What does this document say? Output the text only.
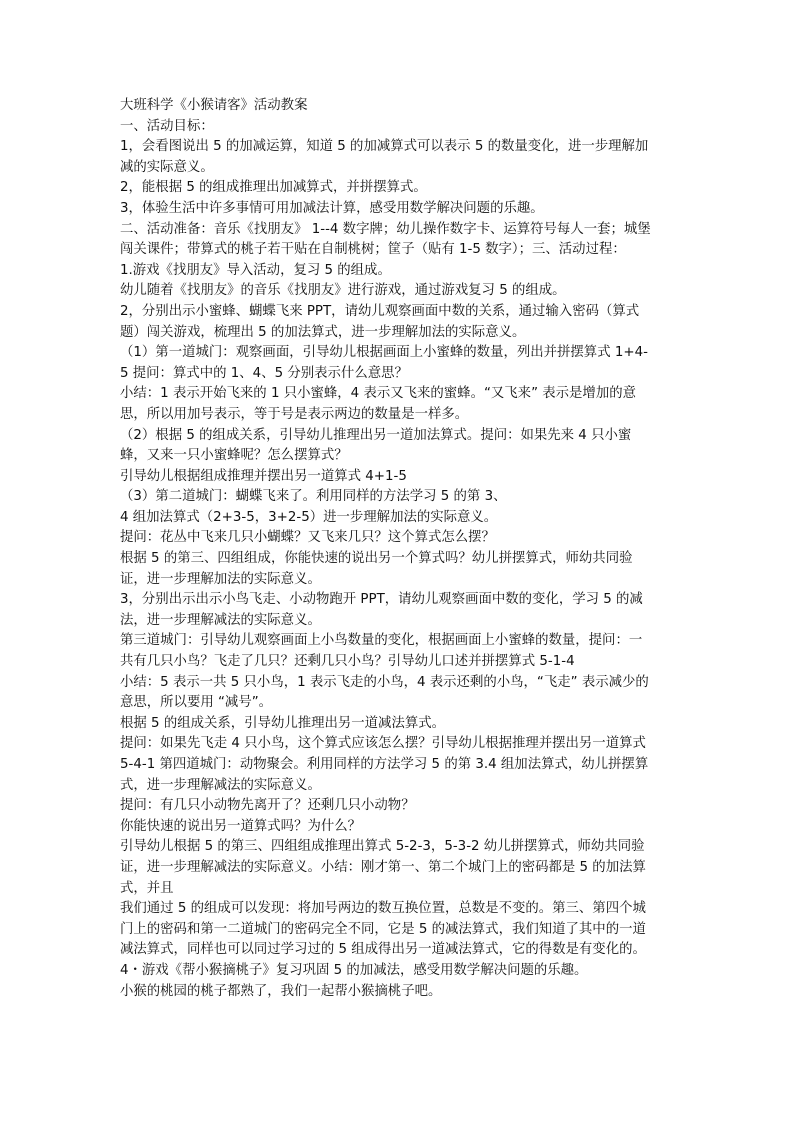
大班科学《小猴请客》活动教案
一、活动目标：
1，会看图说出 5 的加减运算，知道 5 的加减算式可以表示 5 的数量变化，进一步理解加
减的实际意义。
2，能根据 5 的组成推理出加减算式，并拼摆算式。
3，体验生活中许多事情可用加减法计算，感受用数学解决问题的乐趣。
二、活动准备：音乐《找朋友》 1--4 数字牌；幼儿操作数字卡、运算符号每人一套；城堡
闯关课件；带算式的桃子若干贴在自制桃树；筐子（贴有 1-5 数字）；三、活动过程：
1.游戏《找朋友》导入活动，复习 5 的组成。
幼儿随着《找朋友》的音乐《找朋友》进行游戏，通过游戏复习 5 的组成。
2，分别出示小蜜蜂、蝴蝶飞来 PPT，请幼儿观察画面中数的关系，通过输入密码（算式
题）闯关游戏，梳理出 5 的加法算式，进一步理解加法的实际意义。
（1）第一道城门：观察画面，引导幼儿根据画面上小蜜蜂的数量，列出并拼摆算式 1+4-
5 提问：算式中的 1、4、5 分别表示什么意思？
小结：1 表示开始飞来的 1 只小蜜蜂，4 表示又飞来的蜜蜂。“又飞来” 表示是增加的意
思，所以用加号表示，等于号是表示两边的数量是一样多。
（2）根据 5 的组成关系，引导幼儿推理出另一道加法算式。提问：如果先来 4 只小蜜
蜂，又来一只小蜜蜂呢？怎么摆算式？
引导幼儿根据组成推理并摆出另一道算式 4+1-5
（3）第二道城门：蝴蝶飞来了。利用同样的方法学习 5 的第 3、
4 组加法算式（2+3-5，3+2-5）进一步理解加法的实际意义。
提问：花丛中飞来几只小蝴蝶？又飞来几只？这个算式怎么摆？
根据 5 的第三、四组组成，你能快速的说出另一个算式吗？幼儿拼摆算式，师幼共同验
证，进一步理解加法的实际意义。
3，分别出示出示小鸟飞走、小动物跑开 PPT，请幼儿观察画面中数的变化，学习 5 的减
法，进一步理解减法的实际意义。
第三道城门：引导幼儿观察画面上小鸟数量的变化，根据画面上小蜜蜂的数量，提问：一
共有几只小鸟？飞走了几只？还剩几只小鸟？引导幼儿口述并拼摆算式 5-1-4
小结：5 表示一共 5 只小鸟，1 表示飞走的小鸟，4 表示还剩的小鸟，“飞走” 表示减少的
意思，所以要用 “减号”。
根据 5 的组成关系，引导幼儿推理出另一道减法算式。
提问：如果先飞走 4 只小鸟，这个算式应该怎么摆？引导幼儿根据推理并摆出另一道算式
5-4-1 第四道城门：动物聚会。利用同样的方法学习 5 的第 3.4 组加法算式，幼儿拼摆算
式，进一步理解减法的实际意义。
提问：有几只小动物先离开了？还剩几只小动物？
你能快速的说出另一道算式吗？为什么？
引导幼儿根据 5 的第三、四组组成推理出算式 5-2-3，5-3-2 幼儿拼摆算式，师幼共同验
证，进一步理解减法的实际意义。小结：刚才第一、第二个城门上的密码都是 5 的加法算
式，并且
我们通过 5 的组成可以发现：将加号两边的数互换位置，总数是不变的。第三、第四个城
门上的密码和第一二道城门的密码完全不同，它是 5 的减法算式，我们知道了其中的一道
减法算式，同样也可以同过学习过的 5 组成得出另一道减法算式，它的得数是有变化的。
4・游戏《帮小猴摘桃子》复习巩固 5 的加减法，感受用数学解决问题的乐趣。
小猴的桃园的桃子都熟了，我们一起帮小猴摘桃子吧。
